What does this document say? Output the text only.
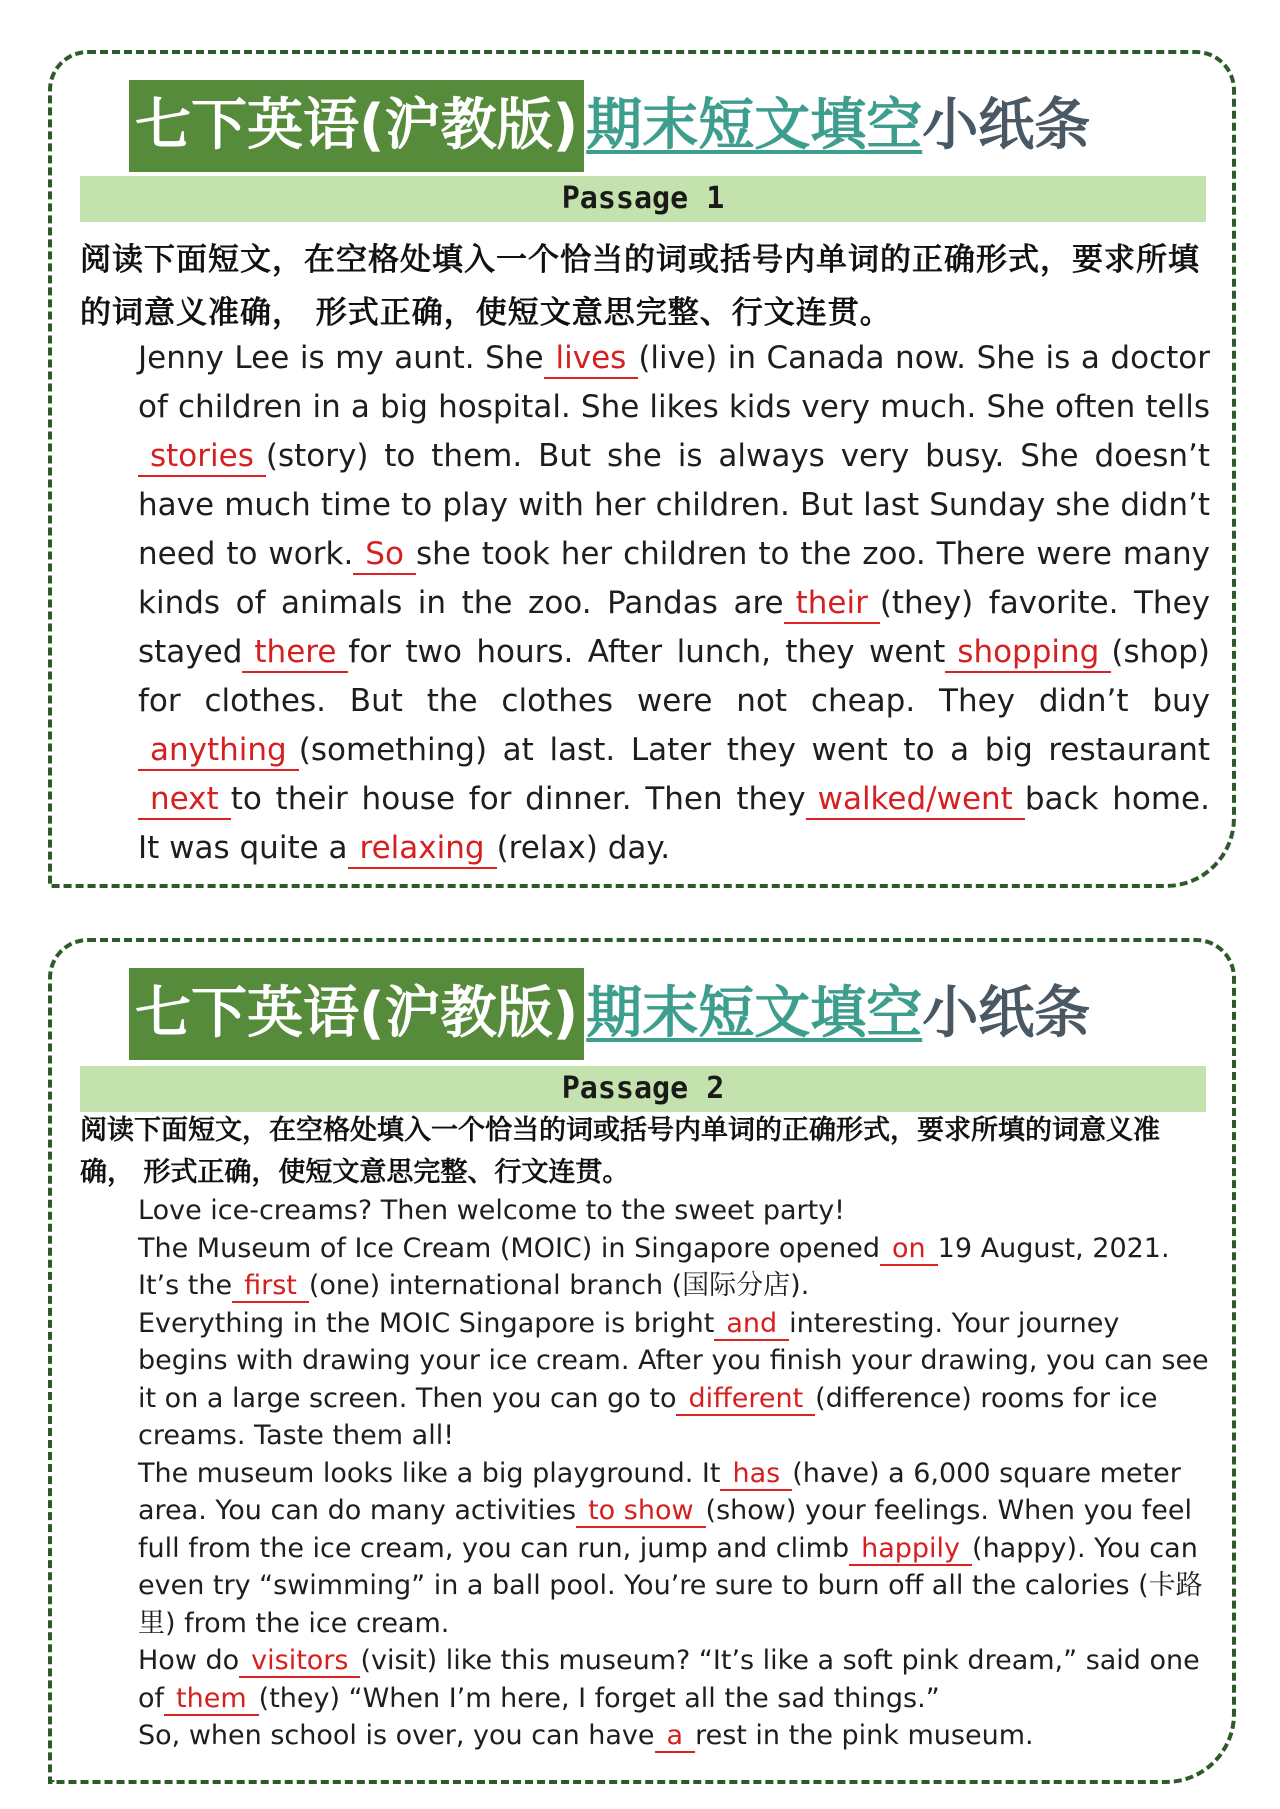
七下英语(沪教版) 期末短文填空 小纸条
Passage 1
阅读下面短文，在空格处填入一个恰当的词或括号内单词的正确形式，要求所填的词意义准确， 形式正确，使短文意思完整、行文连贯。

Jenny Lee is my aunt. She lives (live) in Canada now. She is a doctor of children in a big hospital. She likes kids very much. She often tellsstories (story) to them. But she is always very busy. She doesn’t have much time to play with her children. But last Sunday she didn’t need to work. So she took her children to the zoo. There were many kinds of animals in the zoo. Pandas are their (they) favorite. They stayed there for two hours. After lunch, they went shopping (shop) for clothes. But the clothes were not cheap. They didn’t buyanything (something) at last. Later they went to a big restaurantnext to their house for dinner. Then they walked/went back home. It was quite a relaxing (relax) day.

七下英语(沪教版) 期末短文填空 小纸条
Passage 2
阅读下面短文，在空格处填入一个恰当的词或括号内单词的正确形式，要求所填的词意义准确， 形式正确，使短文意思完整、行文连贯。

Love ice-creams? Then welcome to the sweet party!

The Museum of Ice Cream (MOIC) in Singapore opened on 19 August, 2021. It’s the first (one) international branch (国际分店).

Everything in the MOIC Singapore is bright and interesting. Your journey begins with drawing your ice cream. After you finish your drawing, you can see it on a large screen. Then you can go to different (difference) rooms for ice creams. Taste them all!

The museum looks like a big playground. It has (have) a 6,000 square meter area. You can do many activities to show (show) your feelings. When you feel full from the ice cream, you can run, jump and climb happily (happy). You can even try “swimming” in a ball pool. You’re sure to burn off all the calories (卡路里) from the ice cream.

How do visitors (visit) like this museum? “It’s like a soft pink dream,” said one of them (they) “When I’m here, I forget all the sad things.”

So, when school is over, you can have a rest in the pink museum.
